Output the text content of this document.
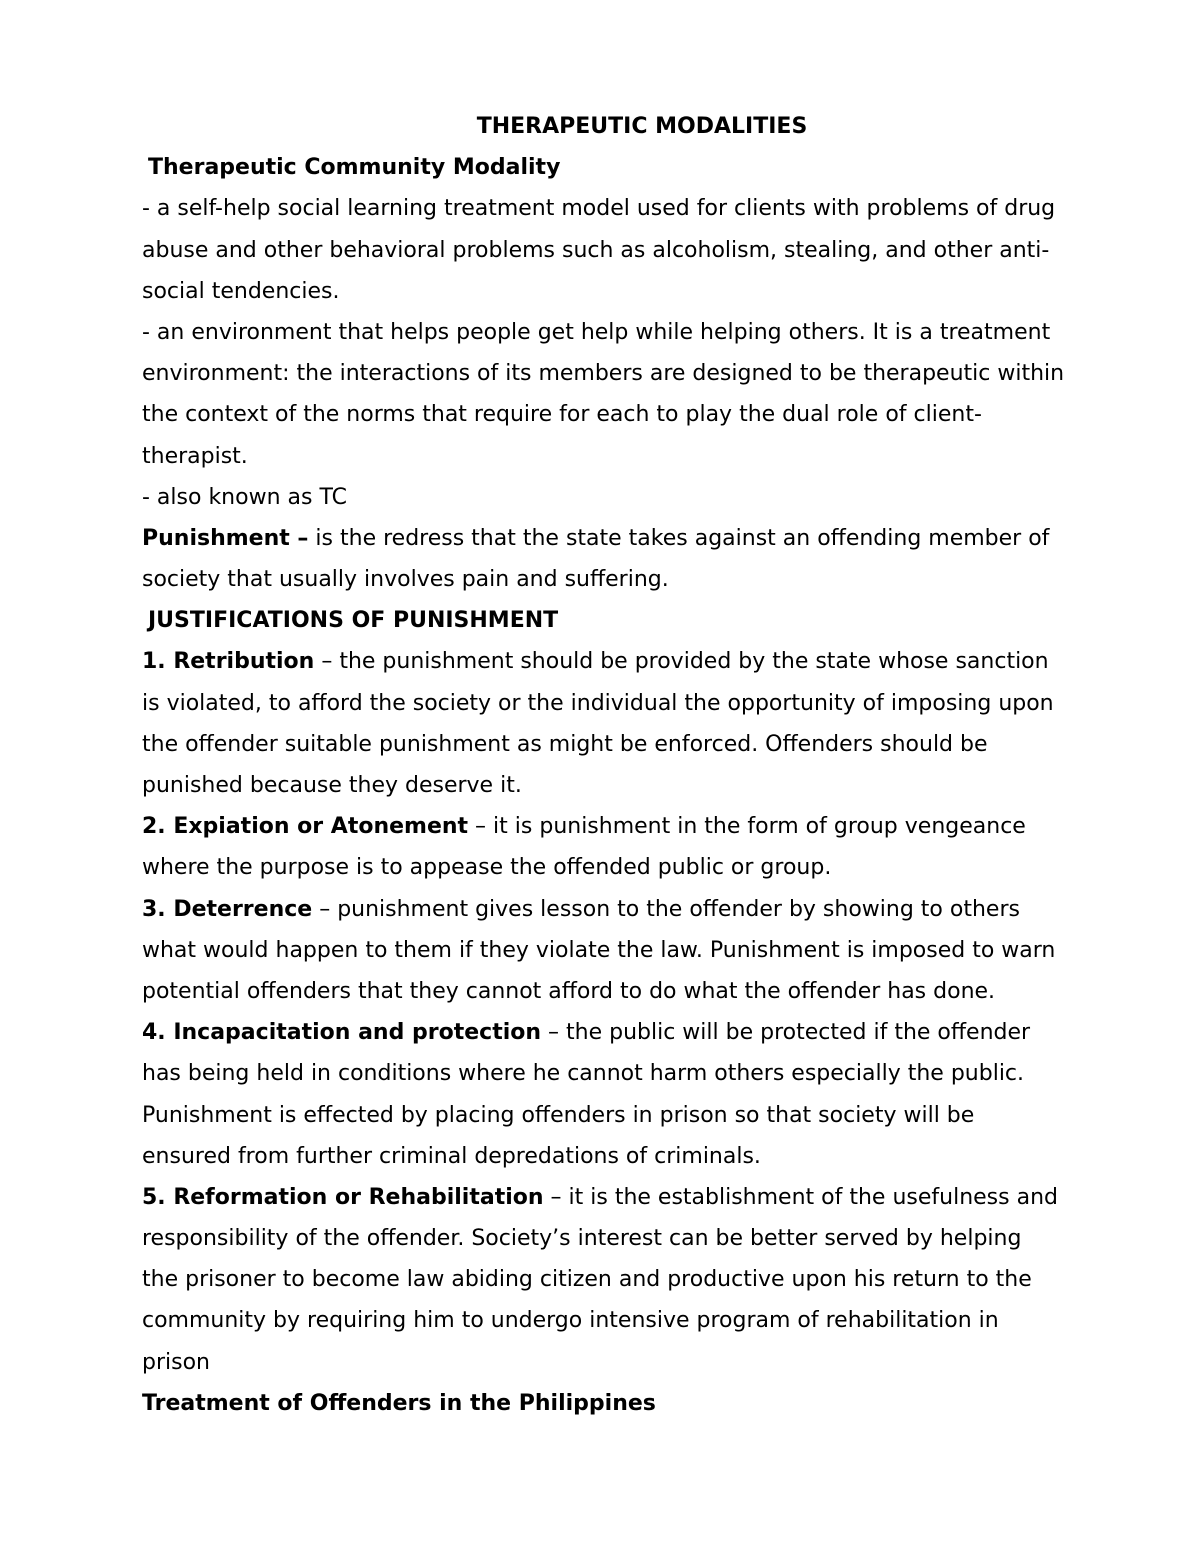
THERAPEUTIC MODALITIES
Therapeutic Community Modality
- a self-help social learning treatment model used for clients with problems of drug
abuse and other behavioral problems such as alcoholism, stealing, and other anti-
social tendencies.
- an environment that helps people get help while helping others. It is a treatment
environment: the interactions of its members are designed to be therapeutic within
the context of the norms that require for each to play the dual role of client-
therapist.
- also known as TC
Punishment – is the redress that the state takes against an offending member of
society that usually involves pain and suffering.
JUSTIFICATIONS OF PUNISHMENT
1. Retribution – the punishment should be provided by the state whose sanction
is violated, to afford the society or the individual the opportunity of imposing upon
the offender suitable punishment as might be enforced. Offenders should be
punished because they deserve it.
2. Expiation or Atonement – it is punishment in the form of group vengeance
where the purpose is to appease the offended public or group.
3. Deterrence – punishment gives lesson to the offender by showing to others
what would happen to them if they violate the law. Punishment is imposed to warn
potential offenders that they cannot afford to do what the offender has done.
4. Incapacitation and protection – the public will be protected if the offender
has being held in conditions where he cannot harm others especially the public.
Punishment is effected by placing offenders in prison so that society will be
ensured from further criminal depredations of criminals.
5. Reformation or Rehabilitation – it is the establishment of the usefulness and
responsibility of the offender. Society’s interest can be better served by helping
the prisoner to become law abiding citizen and productive upon his return to the
community by requiring him to undergo intensive program of rehabilitation in
prison
Treatment of Offenders in the Philippines
